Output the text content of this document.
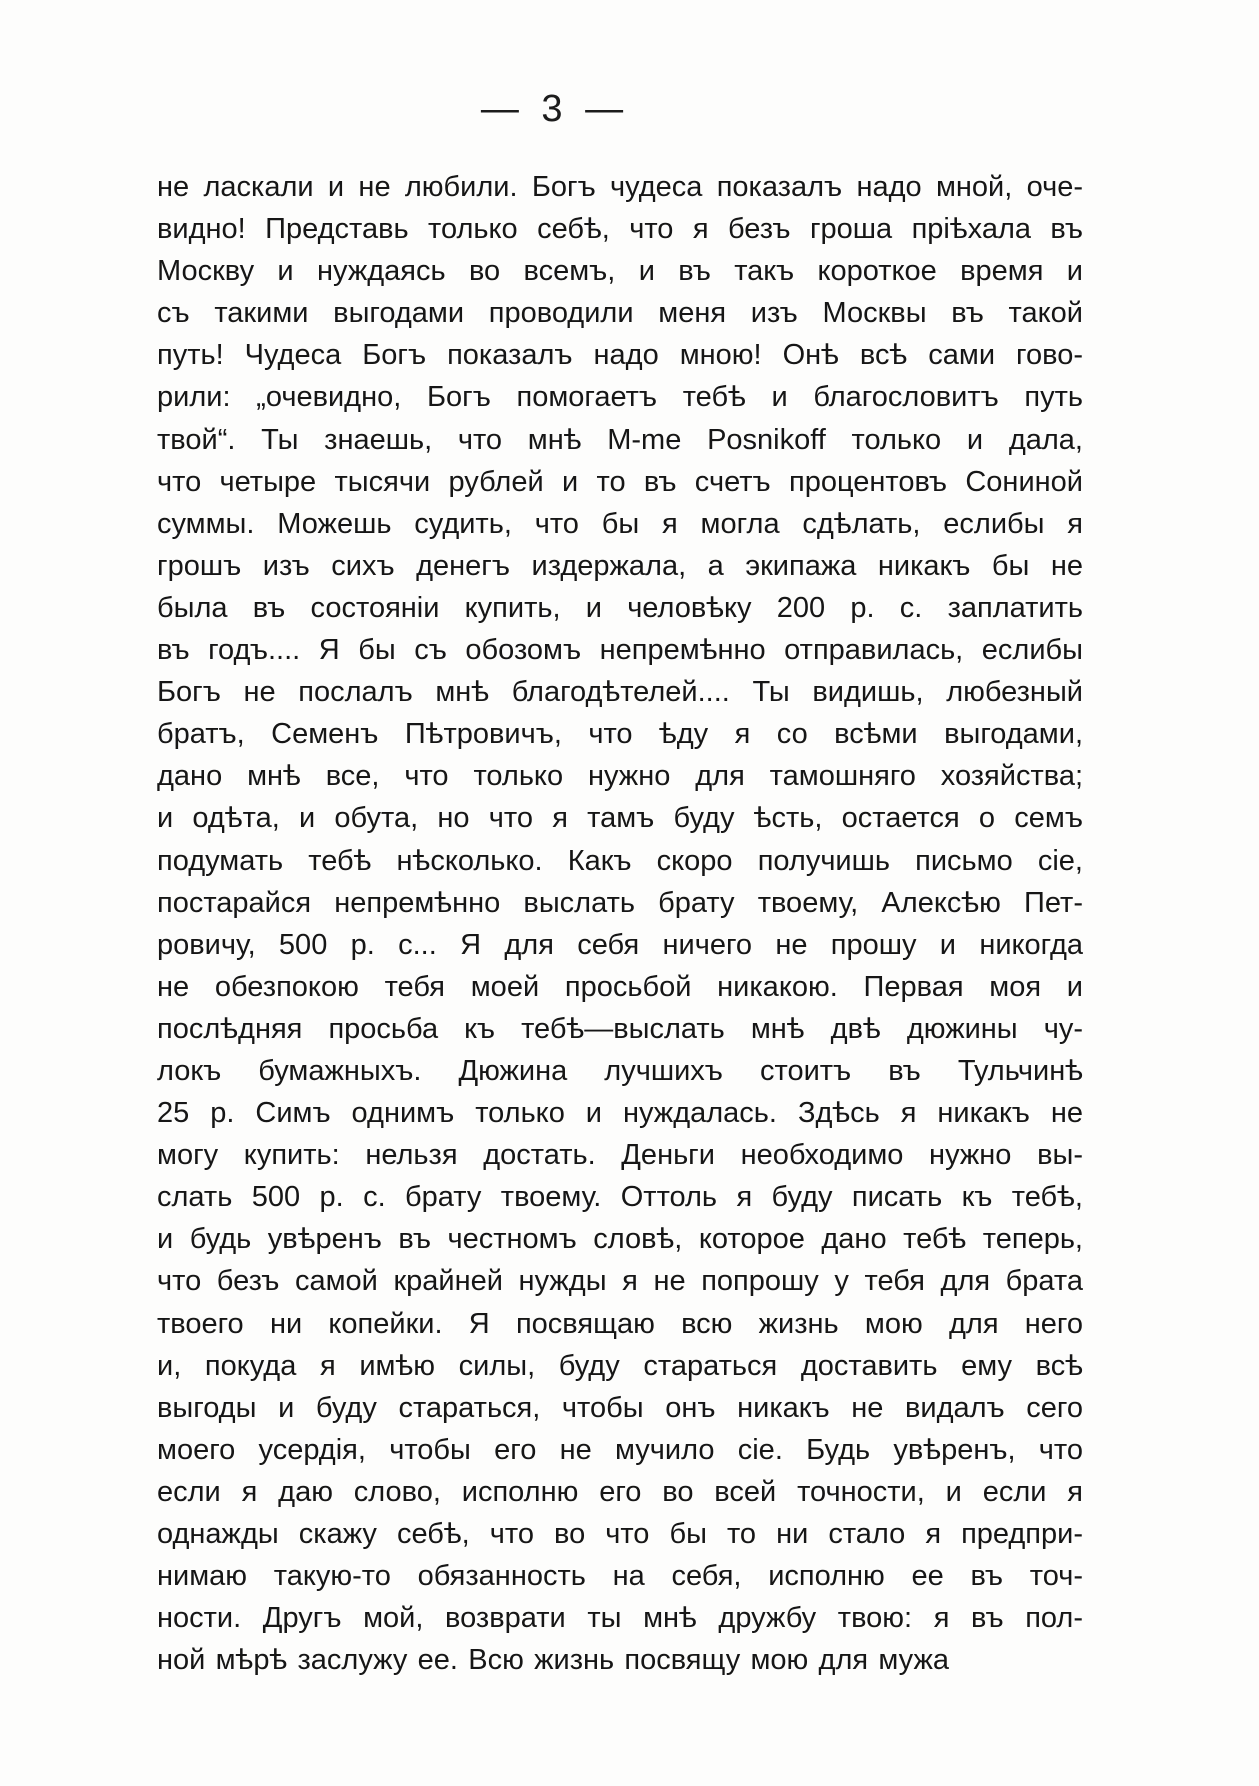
— 3 —
не ласкали и не любили. Богъ чудеса показалъ надо мной, оче-
видно! Представь только себѣ, что я безъ гроша прiѣхала въ
Москву и нуждаясь во всемъ, и въ такъ короткое время и
съ такими выгодами проводили меня изъ Москвы въ такой
путь! Чудеса Богъ показалъ надо мною! Онѣ всѣ сами гово-
рили: „очевидно, Богъ помогаетъ тебѣ и благословитъ путь
твой“. Ты знаешь, что мнѣ M-me Posnikoff только и дала,
что четыре тысячи рублей и то въ счетъ процентовъ Сониной
суммы. Можешь судить, что бы я могла сдѣлать, еслибы я
грошъ изъ сихъ денегъ издержала, а экипажа никакъ бы не
была въ состоянiи купить, и человѣку 200 р. с. заплатить
въ годъ.... Я бы съ обозомъ непремѣнно отправилась, еслибы
Богъ не послалъ мнѣ благодѣтелей.... Ты видишь, любезный
братъ, Семенъ Пѣтровичъ, что ѣду я со всѣми выгодами,
дано мнѣ все, что только нужно для тамошняго хозяйства;
и одѣта, и обута, но что я тамъ буду ѣсть, остается о семъ
подумать тебѣ нѣсколько. Какъ скоро получишь письмо сiе,
постарайся непремѣнно выслать брату твоему, Алексѣю Пет-
ровичу, 500 р. с... Я для себя ничего не прошу и никогда
не обезпокою тебя моей просьбой никакою. Первая моя и
послѣдняя просьба къ тебѣ—выслать мнѣ двѣ дюжины чу-
локъ бумажныхъ. Дюжина лучшихъ стоитъ въ Тульчинѣ
25 р. Симъ однимъ только и нуждалась. Здѣсь я никакъ не
могу купить: нельзя достать. Деньги необходимо нужно вы-
слать 500 р. с. брату твоему. Оттоль я буду писать къ тебѣ,
и будь увѣренъ въ честномъ словѣ, которое дано тебѣ теперь,
что безъ самой крайней нужды я не попрошу у тебя для брата
твоего ни копейки. Я посвящаю всю жизнь мою для него
и, покуда я имѣю силы, буду стараться доставить ему всѣ
выгоды и буду стараться, чтобы онъ никакъ не видалъ сего
моего усердiя, чтобы его не мучило сiе. Будь увѣренъ, что
если я даю слово, исполню его во всей точности, и если я
однажды скажу себѣ, что во что бы то ни стало я предпри-
нимаю такую-то обязанность на себя, исполню ее въ точ-
ности. Другъ мой, возврати ты мнѣ дружбу твою: я въ пол-
ной мѣрѣ заслужу ее. Всю жизнь посвящу мою для мужа
